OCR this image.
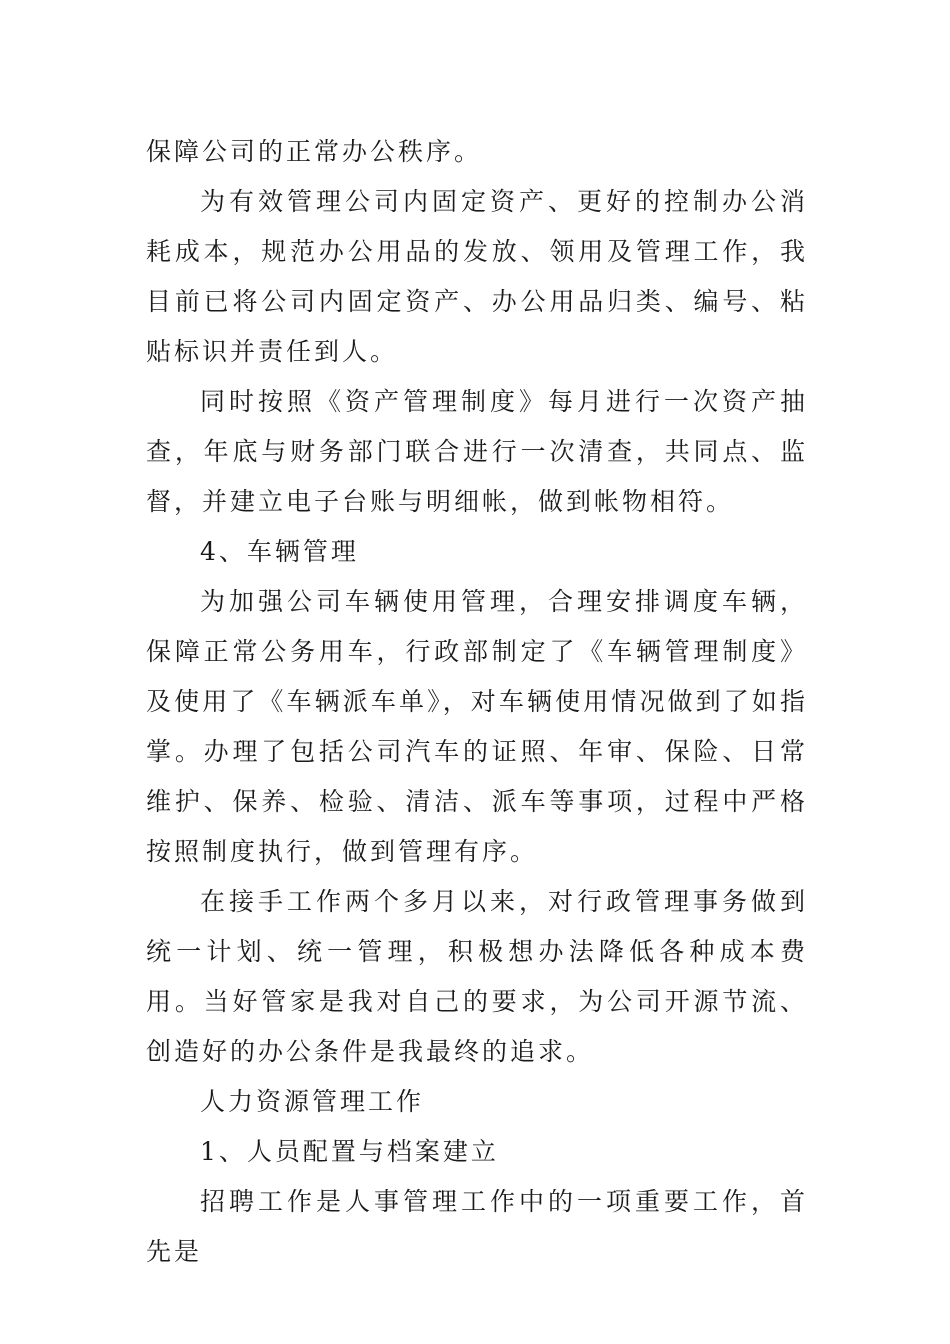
保障公司的正常办公秩序。

为有效管理公司内固定资产、更好的控制办公消耗成本，规范办公用品的发放、领用及管理工作，我目前已将公司内固定资产、办公用品归类、编号、粘贴标识并责任到人。

同时按照《资产管理制度》每月进行一次资产抽查，年底与财务部门联合进行一次清查，共同点、监督，并建立电子台账与明细帐，做到帐物相符。

4、车辆管理

为加强公司车辆使用管理，合理安排调度车辆，保障正常公务用车，行政部制定了《车辆管理制度》及使用了《车辆派车单》，对车辆使用情况做到了如指掌。办理了包括公司汽车的证照、年审、保险、日常维护、保养、检验、清洁、派车等事项，过程中严格按照制度执行，做到管理有序。

在接手工作两个多月以来，对行政管理事务做到统一计划、统一管理，积极想办法降低各种成本费用。当好管家是我对自己的要求，为公司开源节流、创造好的办公条件是我最终的追求。

人力资源管理工作

1、人员配置与档案建立

招聘工作是人事管理工作中的一项重要工作，首先是
